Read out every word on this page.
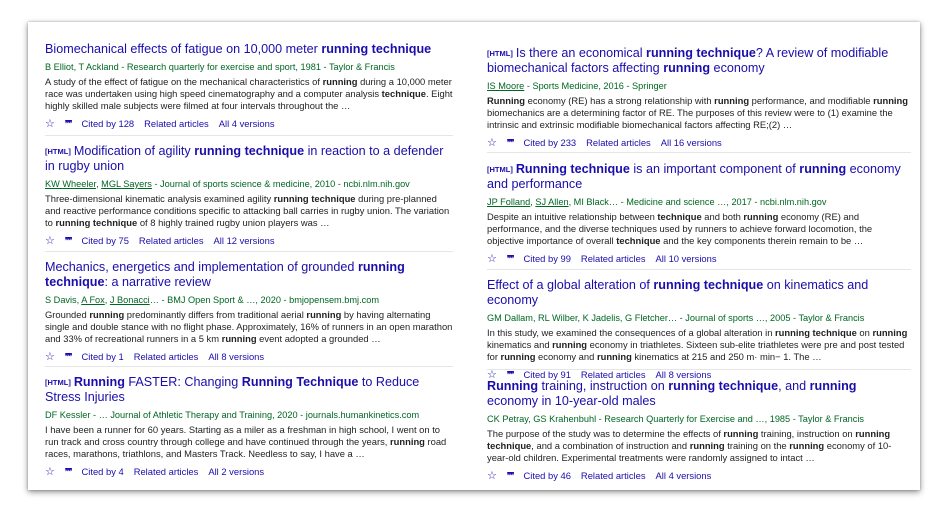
Biomechanical effects of fatigue on 10,000 meter running technique
B Elliot, T Ackland - Research quarterly for exercise and sport, 1981 - Taylor & Francis
A study of the effect of fatigue on the mechanical characteristics of running during a 10,000 meter race was undertaken using high speed cinematography and a computer analysis technique. Eight highly skilled male subjects were filmed at four intervals throughout the …
☆ ❞❞ Cited by 128 Related articles All 4 versions
[HTML] Modification of agility running technique in reaction to a defender in rugby union
KW Wheeler, MGL Sayers - Journal of sports science & medicine, 2010 - ncbi.nlm.nih.gov
Three-dimensional kinematic analysis examined agility running technique during pre-planned and reactive performance conditions specific to attacking ball carries in rugby union. The variation to running technique of 8 highly trained rugby union players was …
☆ ❞❞ Cited by 75 Related articles All 12 versions
Mechanics, energetics and implementation of grounded running technique: a narrative review
S Davis, A Fox, J Bonacci… - BMJ Open Sport & …, 2020 - bmjopensem.bmj.com
Grounded running predominantly differs from traditional aerial running by having alternating single and double stance with no flight phase. Approximately, 16% of runners in an open marathon and 33% of recreational runners in a 5 km running event adopted a grounded …
☆ ❞❞ Cited by 1 Related articles All 8 versions
[HTML] Running FASTER: Changing Running Technique to Reduce Stress Injuries
DF Kessler - … Journal of Athletic Therapy and Training, 2020 - journals.humankinetics.com
I have been a runner for 60 years. Starting as a miler as a freshman in high school, I went on to run track and cross country through college and have continued through the years, running road races, marathons, triathlons, and Masters Track. Needless to say, I have a …
☆ ❞❞ Cited by 4 Related articles All 2 versions
[HTML] Is there an economical running technique? A review of modifiable biomechanical factors affecting running economy
IS Moore - Sports Medicine, 2016 - Springer
Running economy (RE) has a strong relationship with running performance, and modifiable running biomechanics are a determining factor of RE. The purposes of this review were to (1) examine the intrinsic and extrinsic modifiable biomechanical factors affecting RE;(2) …
☆ ❞❞ Cited by 233 Related articles All 16 versions
[HTML] Running technique is an important component of running economy and performance
JP Folland, SJ Allen, MI Black… - Medicine and science …, 2017 - ncbi.nlm.nih.gov
Despite an intuitive relationship between technique and both running economy (RE) and performance, and the diverse techniques used by runners to achieve forward locomotion, the objective importance of overall technique and the key components therein remain to be …
☆ ❞❞ Cited by 99 Related articles All 10 versions
Effect of a global alteration of running technique on kinematics and economy
GM Dallam, RL Wilber, K Jadelis, G Fletcher… - Journal of sports …, 2005 - Taylor & Francis
In this study, we examined the consequences of a global alteration in running technique on running kinematics and running economy in triathletes. Sixteen sub-elite triathletes were pre and post tested for running economy and running kinematics at 215 and 250 m· min− 1. The …
☆ ❞❞ Cited by 91 Related articles All 8 versions
Running training, instruction on running technique, and running economy in 10-year-old males
CK Petray, GS Krahenbuhl - Research Quarterly for Exercise and …, 1985 - Taylor & Francis
The purpose of the study was to determine the effects of running training, instruction on running technique, and a combination of instruction and running training on the running economy of 10-year-old children. Experimental treatments were randomly assigned to intact …
☆ ❞❞ Cited by 46 Related articles All 4 versions
